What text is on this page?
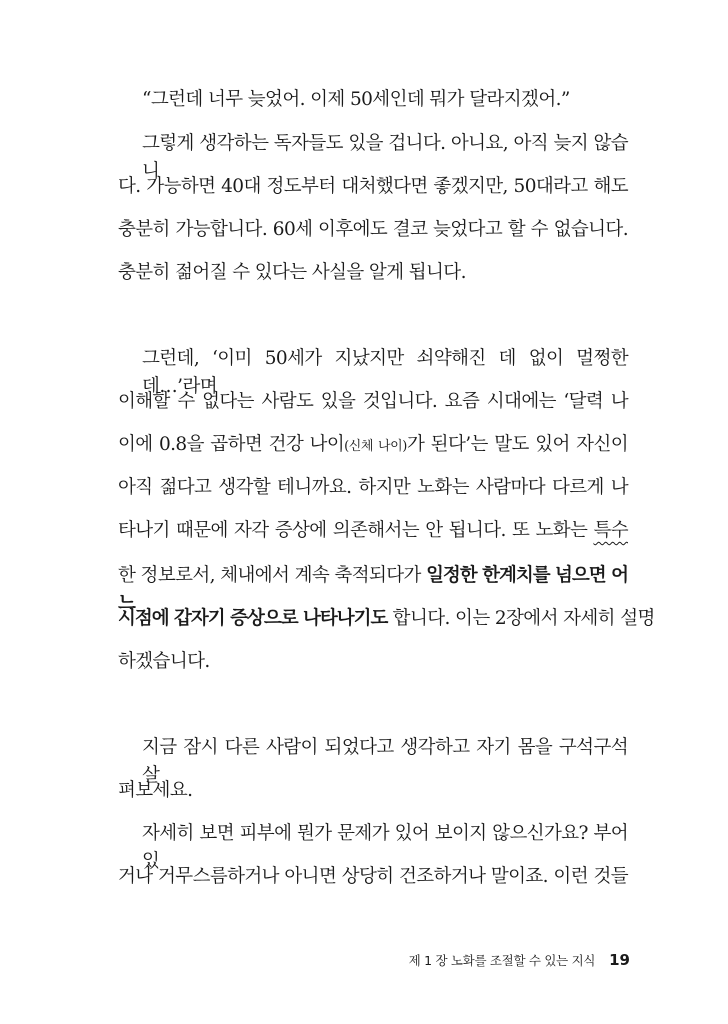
“그런데 너무 늦었어. 이제 50세인데 뭐가 달라지겠어.”
그렇게 생각하는 독자들도 있을 겁니다. 아니요, 아직 늦지 않습니
다. 가능하면 40대 정도부터 대처했다면 좋겠지만, 50대라고 해도
충분히 가능합니다. 60세 이후에도 결코 늦었다고 할 수 없습니다.
충분히 젊어질 수 있다는 사실을 알게 됩니다.
그런데, ‘이미 50세가 지났지만 쇠약해진 데 없이 멀쩡한데…’라며
이해할 수 없다는 사람도 있을 것입니다. 요즘 시대에는 ‘달력 나
이에 0.8을 곱하면 건강 나이(신체 나이)가 된다’는 말도 있어 자신이
아직 젊다고 생각할 테니까요. 하지만 노화는 사람마다 다르게 나
타나기 때문에 자각 증상에 의존해서는 안 됩니다. 또 노화는 특수
한 정보로서, 체내에서 계속 축적되다가 일정한 한계치를 넘으면 어느
시점에 갑자기 증상으로 나타나기도 합니다. 이는 2장에서 자세히 설명
하겠습니다.
지금 잠시 다른 사람이 되었다고 생각하고 자기 몸을 구석구석 살
펴보세요.
자세히 보면 피부에 뭔가 문제가 있어 보이지 않으신가요? 부어있
거나 거무스름하거나 아니면 상당히 건조하거나 말이죠. 이런 것들
제 1 장 노화를 조절할 수 있는 지식 19
